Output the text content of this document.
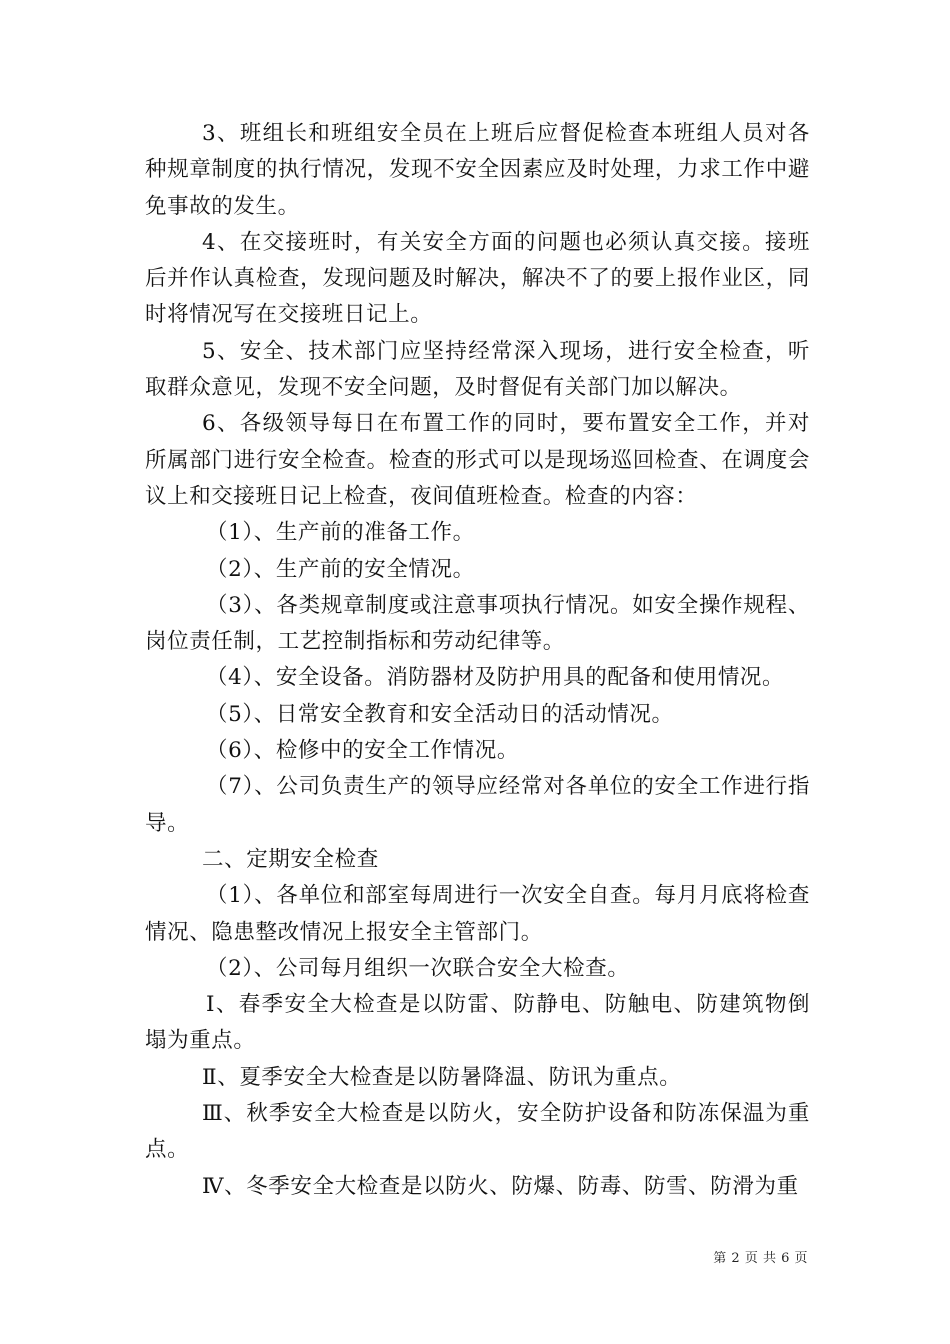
3、班组长和班组安全员在上班后应督促检查本班组人员对各种规章制度的执行情况，发现不安全因素应及时处理，力求工作中避免事故的发生。

4、在交接班时，有关安全方面的问题也必须认真交接。接班后并作认真检查，发现问题及时解决，解决不了的要上报作业区，同时将情况写在交接班日记上。

5、安全、技术部门应坚持经常深入现场，进行安全检查，听取群众意见，发现不安全问题，及时督促有关部门加以解决。

6、各级领导每日在布置工作的同时，要布置安全工作，并对所属部门进行安全检查。检查的形式可以是现场巡回检查、在调度会议上和交接班日记上检查，夜间值班检查。检查的内容：

（1）、生产前的准备工作。

（2）、生产前的安全情况。

（3）、各类规章制度或注意事项执行情况。如安全操作规程、岗位责任制，工艺控制指标和劳动纪律等。

（4）、安全设备。消防器材及防护用具的配备和使用情况。

（5）、日常安全教育和安全活动日的活动情况。

（6）、检修中的安全工作情况。

（7）、公司负责生产的领导应经常对各单位的安全工作进行指导。

二、定期安全检查

（1）、各单位和部室每周进行一次安全自查。每月月底将检查情况、隐患整改情况上报安全主管部门。

（2）、公司每月组织一次联合安全大检查。

Ⅰ、春季安全大检查是以防雷、防静电、防触电、防建筑物倒塌为重点。

Ⅱ、夏季安全大检查是以防暑降温、防讯为重点。

Ⅲ、秋季安全大检查是以防火，安全防护设备和防冻保温为重点。

Ⅳ、冬季安全大检查是以防火、防爆、防毒、防雪、防滑为重

第 2 页 共 6 页
